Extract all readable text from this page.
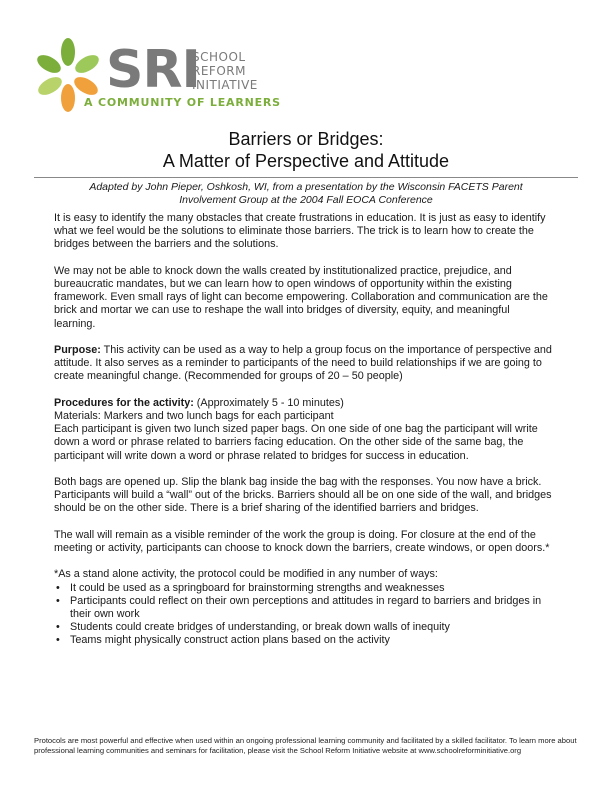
SRI
SCHOOL
REFORM
INITIATIVE
A COMMUNITY OF LEARNERS
Barriers or Bridges:
A Matter of Perspective and Attitude
Adapted by John Pieper, Oshkosh, WI, from a presentation by the Wisconsin FACETS Parent Involvement Group at the 2004 Fall EOCA Conference

It is easy to identify the many obstacles that create frustrations in education. It is just as easy to identify what we feel would be the solutions to eliminate those barriers. The trick is to learn how to create the bridges between the barriers and the solutions.

We may not be able to knock down the walls created by institutionalized practice, prejudice, and bureaucratic mandates, but we can learn how to open windows of opportunity within the existing framework. Even small rays of light can become empowering. Collaboration and communication are the brick and mortar we can use to reshape the wall into bridges of diversity, equity, and meaningful learning.

Purpose: This activity can be used as a way to help a group focus on the importance of perspective and attitude. It also serves as a reminder to participants of the need to build relationships if we are going to create meaningful change. (Recommended for groups of 20 – 50 people)

Procedures for the activity: (Approximately 5 - 10 minutes)
Materials: Markers and two lunch bags for each participant
Each participant is given two lunch sized paper bags. On one side of one bag the participant will write down a word or phrase related to barriers facing education. On the other side of the same bag, the participant will write down a word or phrase related to bridges for success in education.

Both bags are opened up. Slip the blank bag inside the bag with the responses. You now have a brick. Participants will build a “wall” out of the bricks. Barriers should all be on one side of the wall, and bridges should be on the other side. There is a brief sharing of the identified barriers and bridges.

The wall will remain as a visible reminder of the work the group is doing. For closure at the end of the meeting or activity, participants can choose to knock down the barriers, create windows, or open doors.*

*As a stand alone activity, the protocol could be modified in any number of ways:
• It could be used as a springboard for brainstorming strengths and weaknesses
• Participants could reflect on their own perceptions and attitudes in regard to barriers and bridges in their own work
• Students could create bridges of understanding, or break down walls of inequity
• Teams might physically construct action plans based on the activity
Protocols are most powerful and effective when used within an ongoing professional learning community and facilitated by a skilled facilitator. To learn more about professional learning communities and seminars for facilitation, please visit the School Reform Initiative website at www.schoolreforminitiative.org
